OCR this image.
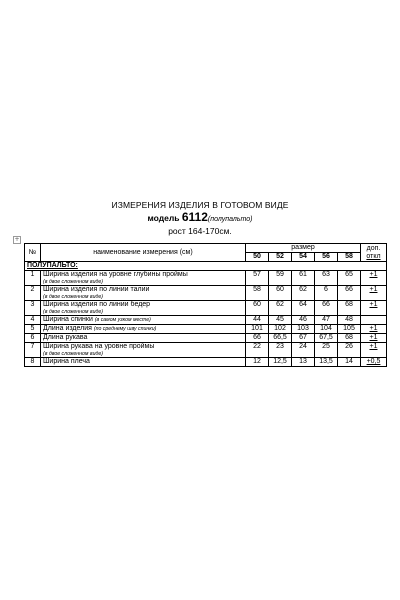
ИЗМЕРЕНИЯ ИЗДЕЛИЯ В ГОТОВОМ ВИДЕ
модель 6112(полупальто)
рост 164-170см.
+
№	наименование измерения (см)	размер					доп.
откл
		50	52	54	56	58	
ПОЛУПАЛЬТО:							
1	Ширина изделия на уровне глубины проймы
(в двое сложенном виде)	57	59	61	63	65	+1
2	Ширина изделия по линии талии
(в двое сложенном виде)	58	60	62	6	66	+1
3	Ширина изделия по линии бедер
(в двое сложенном виде)	60	62	64	66	68	+1
4	Ширина спинки (в самом узком месте)	44	45	46	47	48	
5	Длина изделия (по среднему шву спинки)	101	102	103	104	105	+1
6	Длина рукава	66	66,5	67	67,5	68	+1
7	Ширина рукава на уровне проймы
(в двое сложенном виде)	22	23	24	25	26	+1
8	Ширина плеча	12	12,5	13	13,5	14	+0,5
